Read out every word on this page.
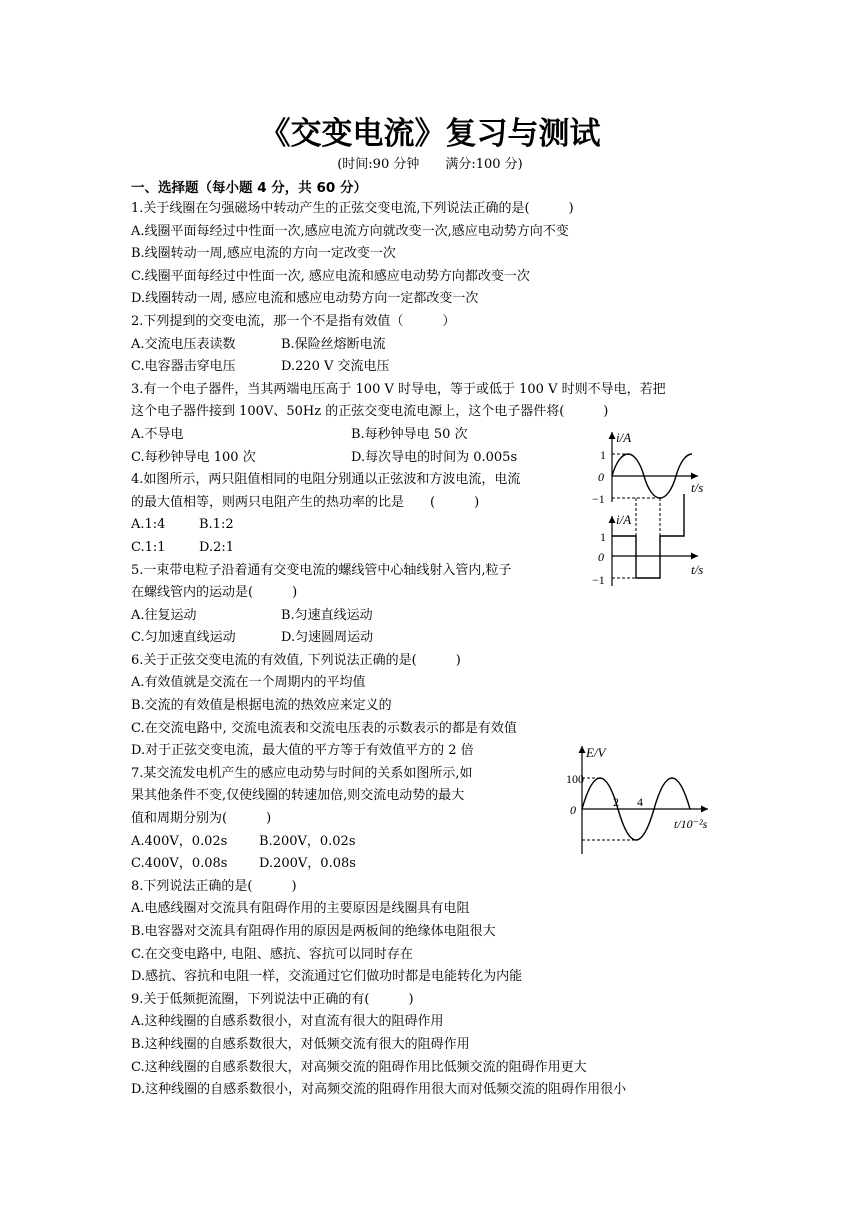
《交变电流》复习与测试
(时间:90 分钟　　满分:100 分)
一、选择题（每小题 4 分，共 60 分）
1.关于线圈在匀强磁场中转动产生的正弦交变电流,下列说法正确的是(　　　)
A.线圈平面每经过中性面一次,感应电流方向就改变一次,感应电动势方向不变
B.线圈转动一周,感应电流的方向一定改变一次
C.线圈平面每经过中性面一次, 感应电流和感应电动势方向都改变一次
D.线圈转动一周, 感应电流和感应电动势方向一定都改变一次
2.下列提到的交变电流，那一个不是指有效值（　　　）
A.交流电压表读数	B.保险丝熔断电流
C.电容器击穿电压	D.220 V 交流电压
3.有一个电子器件，当其两端电压高于 100 V 时导电，等于或低于 100 V 时则不导电，若把
这个电子器件接到 100V、50Hz 的正弦交变电流电源上，这个电子器件将(　　　)
A.不导电	B.每秒钟导电 50 次
C.每秒钟导电 100 次	D.每次导电的时间为 0.005s
4.如图所示，两只阻值相同的电阻分别通以正弦波和方波电流，电流
的最大值相等，则两只电阻产生的热功率的比是　　(　　　)
A.1:4	B.1:2
C.1:1	D.2:1
5.一束带电粒子沿着通有交变电流的螺线管中心轴线射入管内,粒子
在螺线管内的运动是(　　　)
A.往复运动	B.匀速直线运动
C.匀加速直线运动	D.匀速圆周运动
6.关于正弦交变电流的有效值, 下列说法正确的是(　　　)
A.有效值就是交流在一个周期内的平均值
B.交流的有效值是根据电流的热效应来定义的
C.在交流电路中, 交流电流表和交流电压表的示数表示的都是有效值
D.对于正弦交变电流，最大值的平方等于有效值平方的 2 倍
7.某交流发电机产生的感应电动势与时间的关系如图所示,如
果其他条件不变,仅使线圈的转速加倍,则交流电动势的最大
值和周期分别为(　　　)
A.400V，0.02s B.200V，0.02s
C.400V，0.08s D.200V，0.08s
8.下列说法正确的是(　　　)
A.电感线圈对交流具有阻碍作用的主要原因是线圈具有电阻
B.电容器对交流具有阻碍作用的原因是两板间的绝缘体电阻很大
C.在交变电路中, 电阻、感抗、容抗可以同时存在
D.感抗、容抗和电阻一样，交流通过它们做功时都是电能转化为内能
9.关于低频扼流圈，下列说法中正确的有(　　　)
A.这种线圈的自感系数很小，对直流有很大的阻碍作用
B.这种线圈的自感系数很大，对低频交流有很大的阻碍作用
C.这种线圈的自感系数很大，对高频交流的阻碍作用比低频交流的阻碍作用更大
D.这种线圈的自感系数很小，对高频交流的阻碍作用很大而对低频交流的阻碍作用很小
i/A
1
0
−1
t/s
i/A
1
0
−1
t/s
E/V
100
0
2 4
t/10⁻²s
